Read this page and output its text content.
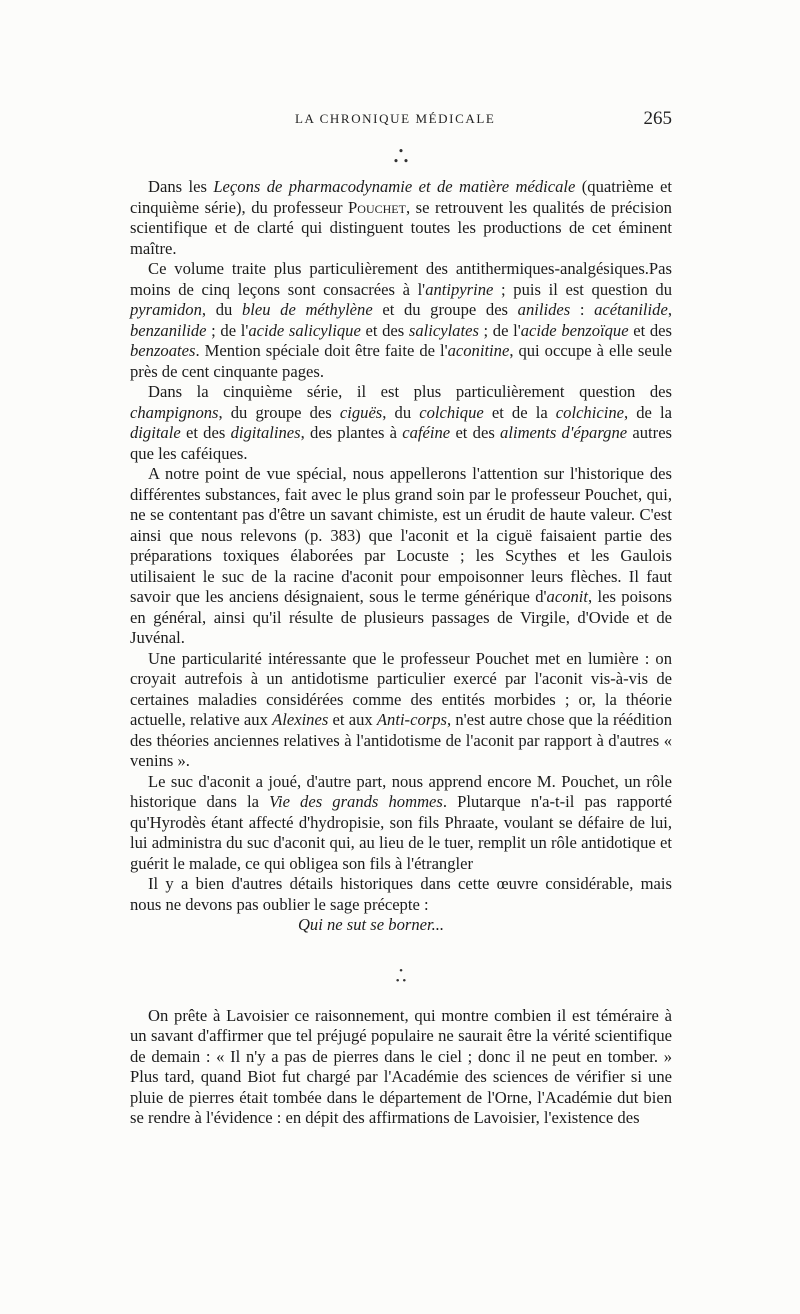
LA CHRONIQUE MÉDICALE	265
•
• •

Dans les Leçons de pharmacodynamie et de matière médicale (quatrième et cinquième série), du professeur Pouchet, se retrouvent les qualités de précision scientifique et de clarté qui distinguent toutes les productions de cet éminent maître.

Ce volume traite plus particulièrement des antithermiques-analgésiques.Pas moins de cinq leçons sont consacrées à l'antipyrine ; puis il est question du pyramidon, du bleu de méthylène et du groupe des anilides : acétanilide, benzanilide ; de l'acide salicylique et des salicylates ; de l'acide benzoïque et des benzoates. Mention spéciale doit être faite de l'aconitine, qui occupe à elle seule près de cent cinquante pages.

Dans la cinquième série, il est plus particulièrement question des champignons, du groupe des ciguës, du colchique et de la colchicine, de la digitale et des digitalines, des plantes à caféine et des aliments d'épargne autres que les caféiques.

A notre point de vue spécial, nous appellerons l'attention sur l'historique des différentes substances, fait avec le plus grand soin par le professeur Pouchet, qui, ne se contentant pas d'être un savant chimiste, est un érudit de haute valeur. C'est ainsi que nous relevons (p. 383) que l'aconit et la ciguë faisaient partie des préparations toxiques élaborées par Locuste ; les Scythes et les Gaulois utilisaient le suc de la racine d'aconit pour empoisonner leurs flèches. Il faut savoir que les anciens désignaient, sous le terme générique d'aconit, les poisons en général, ainsi qu'il résulte de plusieurs passages de Virgile, d'Ovide et de Juvénal.

Une particularité intéressante que le professeur Pouchet met en lumière : on croyait autrefois à un antidotisme particulier exercé par l'aconit vis-à-vis de certaines maladies considérées comme des entités morbides ; or, la théorie actuelle, relative aux Alexines et aux Anti-corps, n'est autre chose que la réédition des théories anciennes relatives à l'antidotisme de l'aconit par rapport à d'autres « venins ».

Le suc d'aconit a joué, d'autre part, nous apprend encore M. Pouchet, un rôle historique dans la Vie des grands hommes. Plutarque n'a-t-il pas rapporté qu'Hyrodès étant affecté d'hydropisie, son fils Phraate, voulant se défaire de lui, lui administra du suc d'aconit qui, au lieu de le tuer, remplit un rôle antidotique et guérit le malade, ce qui obligea son fils à l'étrangler

Il y a bien d'autres détails historiques dans cette œuvre considérable, mais nous ne devons pas oublier le sage précepte :

Qui ne sut se borner...

•
• •

On prête à Lavoisier ce raisonnement, qui montre combien il est téméraire à un savant d'affirmer que tel préjugé populaire ne saurait être la vérité scientifique de demain : « Il n'y a pas de pierres dans le ciel ; donc il ne peut en tomber. » Plus tard, quand Biot fut chargé par l'Académie des sciences de vérifier si une pluie de pierres était tombée dans le département de l'Orne, l'Académie dut bien se rendre à l'évidence : en dépit des affirmations de Lavoisier, l'existence des
